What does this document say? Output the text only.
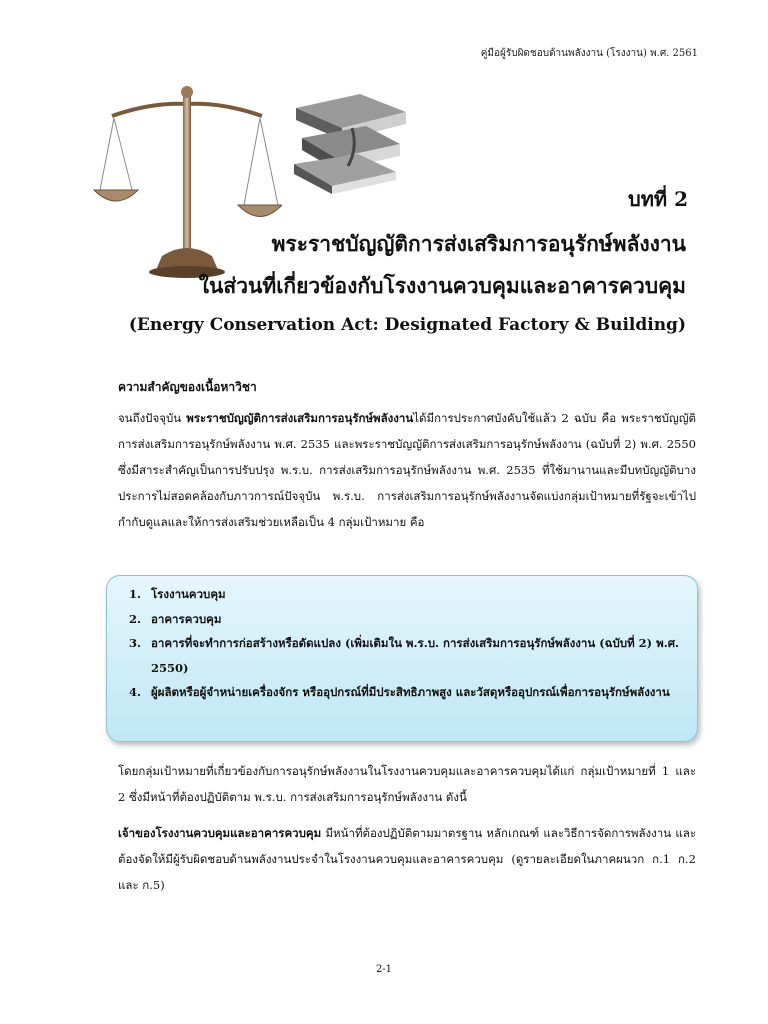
คู่มือผู้รับผิดชอบด้านพลังงาน (โรงงาน) พ.ศ. 2561
บทที่ 2
พระราชบัญญัติการส่งเสริมการอนุรักษ์พลังงาน
ในส่วนที่เกี่ยวข้องกับโรงงานควบคุมและอาคารควบคุม
(Energy Conservation Act: Designated Factory & Building)
ความสำคัญของเนื้อหาวิชา
จนถึงปัจจุบัน พระราชบัญญัติการส่งเสริมการอนุรักษ์พลังงานได้มีการประกาศบังคับใช้แล้ว 2 ฉบับ คือ พระราชบัญญัติการส่งเสริมการอนุรักษ์พลังงาน พ.ศ. 2535 และพระราชบัญญัติการส่งเสริมการอนุรักษ์พลังงาน (ฉบับที่ 2) พ.ศ. 2550 ซึ่งมีสาระสำคัญเป็นการปรับปรุง พ.ร.บ. การส่งเสริมการอนุรักษ์พลังงาน พ.ศ. 2535 ที่ใช้มานานและมีบทบัญญัติบางประการไม่สอดคล้องกับภาวการณ์ปัจจุบัน พ.ร.บ. การส่งเสริมการอนุรักษ์พลังงานจัดแบ่งกลุ่มเป้าหมายที่รัฐจะเข้าไปกำกับดูแลและให้การส่งเสริมช่วยเหลือเป็น 4 กลุ่มเป้าหมาย คือ
1. โรงงานควบคุม
2. อาคารควบคุม
3. อาคารที่จะทำการก่อสร้างหรือดัดแปลง (เพิ่มเติมใน พ.ร.บ. การส่งเสริมการอนุรักษ์พลังงาน (ฉบับที่ 2) พ.ศ. 2550)
4. ผู้ผลิตหรือผู้จำหน่ายเครื่องจักร หรืออุปกรณ์ที่มีประสิทธิภาพสูง และวัสดุหรืออุปกรณ์เพื่อการอนุรักษ์พลังงาน
โดยกลุ่มเป้าหมายที่เกี่ยวข้องกับการอนุรักษ์พลังงานในโรงงานควบคุมและอาคารควบคุมได้แก่ กลุ่มเป้าหมายที่ 1 และ 2 ซึ่งมีหน้าที่ต้องปฏิบัติตาม พ.ร.บ. การส่งเสริมการอนุรักษ์พลังงาน ดังนี้
เจ้าของโรงงานควบคุมและอาคารควบคุม มีหน้าที่ต้องปฏิบัติตามมาตรฐาน หลักเกณฑ์ และวิธีการจัดการพลังงาน และต้องจัดให้มีผู้รับผิดชอบด้านพลังงานประจำในโรงงานควบคุมและอาคารควบคุม (ดูรายละเอียดในภาคผนวก ก.1 ก.2 และ ก.5)
2-1
